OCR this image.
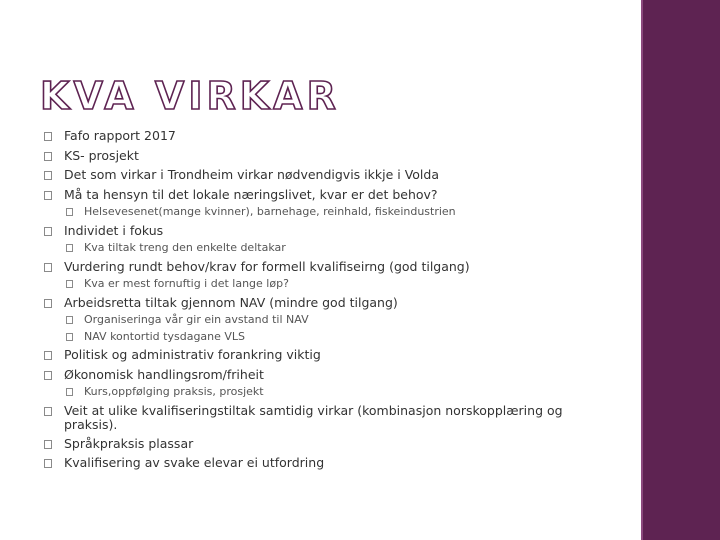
KVA VIRKAR
Fafo rapport 2017
KS- prosjekt
Det som virkar i Trondheim virkar nødvendigvis ikkje i Volda
Må ta hensyn til det lokale næringslivet, kvar er det behov?
Helsevesenet(mange kvinner), barnehage, reinhald, fiskeindustrien
Individet i fokus
Kva tiltak treng den enkelte deltakar
Vurdering rundt behov/krav for formell kvalifiseirng (god tilgang)
Kva er mest fornuftig i det lange løp?
Arbeidsretta tiltak gjennom NAV (mindre god tilgang)
Organiseringa vår gir ein avstand til NAV
NAV kontortid tysdagane VLS
Politisk og administrativ forankring viktig
Økonomisk handlingsrom/friheit
Kurs,oppfølging praksis, prosjekt
Veit at ulike kvalifiseringstiltak samtidig virkar (kombinasjon norskopplæring og praksis).
Språkpraksis plassar
Kvalifisering av svake elevar ei utfordring
